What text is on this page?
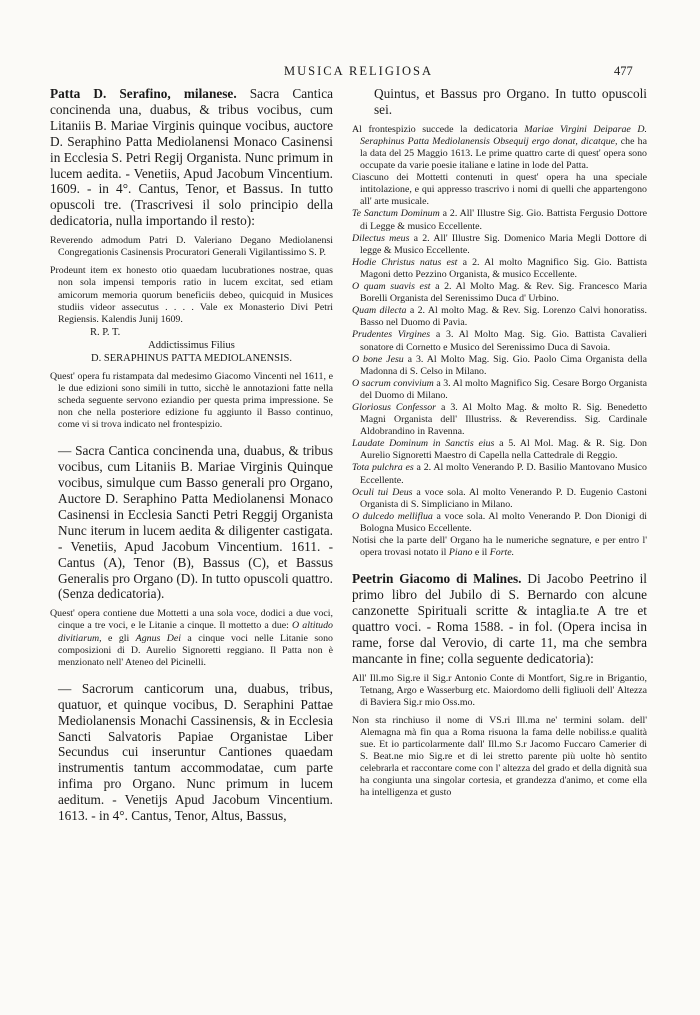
MUSICA RELIGIOSA	477

Patta D. Serafino, milanese. Sacra Cantica concinenda una, duabus, & tribus vocibus, cum Litaniis B. Mariae Virginis quinque vocibus, auctore D. Seraphino Patta Mediolanensi Monaco Casinensi in Ecclesia S. Petri Regij Organista. Nunc primum in lucem aedita. - Venetiis, Apud Jacobum Vincentium. 1609. - in 4°. Cantus, Tenor, et Bassus. In tutto opuscoli tre. (Trascrivesi il solo principio della dedicatoria, nulla importando il resto):

Reverendo admodum Patri D. Valeriano Degano Mediolanensi Congregationis Casinensis Procuratori Generali Vigilantissimo S. P.

Prodeunt item ex honesto otio quaedam lucubrationes nostrae, quas non sola impensi temporis ratio in lucem excitat, sed etiam amicorum memoria quorum beneficiis debeo, quicquid in Musices studiis videor assecutus . . . . Vale ex Monasterio Divi Petri Regiensis. Kalendis Junij 1609.

R. P. T.
Addictissimus Filius
D. SERAPHINUS PATTA MEDIOLANENSIS.

Quest' opera fu ristampata dal medesimo Giacomo Vincenti nel 1611, e le due edizioni sono simili in tutto, sicchè le annotazioni fatte nella scheda seguente servono eziandio per questa prima impressione. Se non che nella posteriore edizione fu aggiunto il Basso continuo, come vi si trova indicato nel frontespizio.

— Sacra Cantica concinenda una, duabus, & tribus vocibus, cum Litaniis B. Mariae Virginis Quinque vocibus, simulque cum Basso generali pro Organo, Auctore D. Seraphino Patta Mediolanensi Monaco Casinensi in Ecclesia Sancti Petri Reggij Organista Nunc iterum in lucem aedita & diligenter castigata. - Venetiis, Apud Jacobum Vincentium. 1611. - Cantus (A), Tenor (B), Bassus (C), et Bassus Generalis pro Organo (D). In tutto opuscoli quattro. (Senza dedicatoria).

Quest' opera contiene due Mottetti a una sola voce, dodici a due voci, cinque a tre voci, e le Litanie a cinque. Il mottetto a due: O altitudo divitiarum, e gli Agnus Dei a cinque voci nelle Litanie sono composizioni di D. Aurelio Signoretti reggiano. Il Patta non è menzionato nell' Ateneo del Picinelli.

— Sacrorum canticorum una, duabus, tribus, quatuor, et quinque vocibus, D. Seraphini Pattae Mediolanensis Monachi Cassinensis, & in Ecclesia Sancti Salvatoris Papiae Organistae Liber Secundus cui inseruntur Cantiones quaedam instrumentis tantum accommodatae, cum parte infima pro Organo. Nunc primum in lucem aeditum. - Venetijs Apud Jacobum Vincentium. 1613. - in 4°. Cantus, Tenor, Altus, Bassus,

Quintus, et Bassus pro Organo. In tutto opuscoli sei.

Al frontespizio succede la dedicatoria Mariae Virgini Deiparae D. Seraphinus Patta Mediolanensis Obsequij ergo donat, dicatque, che ha la data del 25 Maggio 1613. Le prime quattro carte di quest' opera sono occupate da varie poesie italiane e latine in lode del Patta.

Ciascuno dei Mottetti contenuti in quest' opera ha una speciale intitolazione, e qui appresso trascrivo i nomi di quelli che appartengono all' arte musicale.

Te Sanctum Dominum a 2. All' Illustre Sig. Gio. Battista Fergusio Dottore di Legge & musico Eccellente.

Dilectus meus a 2. All' Illustre Sig. Domenico Maria Megli Dottore di legge & Musico Eccellente.

Hodie Christus natus est a 2. Al molto Magnifico Sig. Gio. Battista Magoni detto Pezzino Organista, & musico Eccellente.

O quam suavis est a 2. Al Molto Mag. & Rev. Sig. Francesco Maria Borelli Organista del Serenissimo Duca d' Urbino.

Quam dilecta a 2. Al molto Mag. & Rev. Sig. Lorenzo Calvi honoratiss. Basso nel Duomo di Pavia.

Prudentes Virgines a 3. Al Molto Mag. Sig. Gio. Battista Cavalieri sonatore di Cornetto e Musico del Serenissimo Duca di Savoia.

O bone Jesu a 3. Al Molto Mag. Sig. Gio. Paolo Cima Organista della Madonna di S. Celso in Milano.

O sacrum convivium a 3. Al molto Magnifico Sig. Cesare Borgo Organista del Duomo di Milano.

Gloriosus Confessor a 3. Al Molto Mag. & molto R. Sig. Benedetto Magni Organista dell' Illustriss. & Reverendiss. Sig. Cardinale Aldobrandino in Ravenna.

Laudate Dominum in Sanctis eius a 5. Al Mol. Mag. & R. Sig. Don Aurelio Signoretti Maestro di Capella nella Cattedrale di Reggio.

Tota pulchra es a 2. Al molto Venerando P. D. Basilio Mantovano Musico Eccellente.

Oculi tui Deus a voce sola. Al molto Venerando P. D. Eugenio Castoni Organista di S. Simpliciano in Milano.

O dulcedo melliflua a voce sola. Al molto Venerando P. Don Dionigi di Bologna Musico Eccellente.

Notisi che la parte dell' Organo ha le numeriche segnature, e per entro l' opera trovasi notato il Piano e il Forte.

Peetrin Giacomo di Malines. Di Jacobo Peetrino il primo libro del Jubilo di S. Bernardo con alcune canzonette Spirituali scritte & intaglia.te A tre et quattro voci. - Roma 1588. - in fol. (Opera incisa in rame, forse dal Verovio, di carte 11, ma che sembra mancante in fine; colla seguente dedicatoria):

All' Ill.mo Sig.re il Sig.r Antonio Conte di Montfort, Sig.re in Brigantio, Tetnang, Argo e Wasserburg etc. Maiordomo delli figliuoli dell' Altezza di Baviera Sig.r mio Oss.mo.

Non sta rinchiuso il nome di VS.ri Ill.ma ne' termini solam. dell' Alemagna mà fin qua a Roma risuona la fama delle nobiliss.e qualità sue. Et io particolarmente dall' Ill.mo S.r Jacomo Fuccaro Camerier di S. Beat.ne mio Sig.re et di lei stretto parente più uolte hò sentito celebrarla et raccontare come con l' altezza del grado et della dignità sua ha congiunta una singolar cortesia, et grandezza d'animo, et come ella ha intelligenza et gusto
